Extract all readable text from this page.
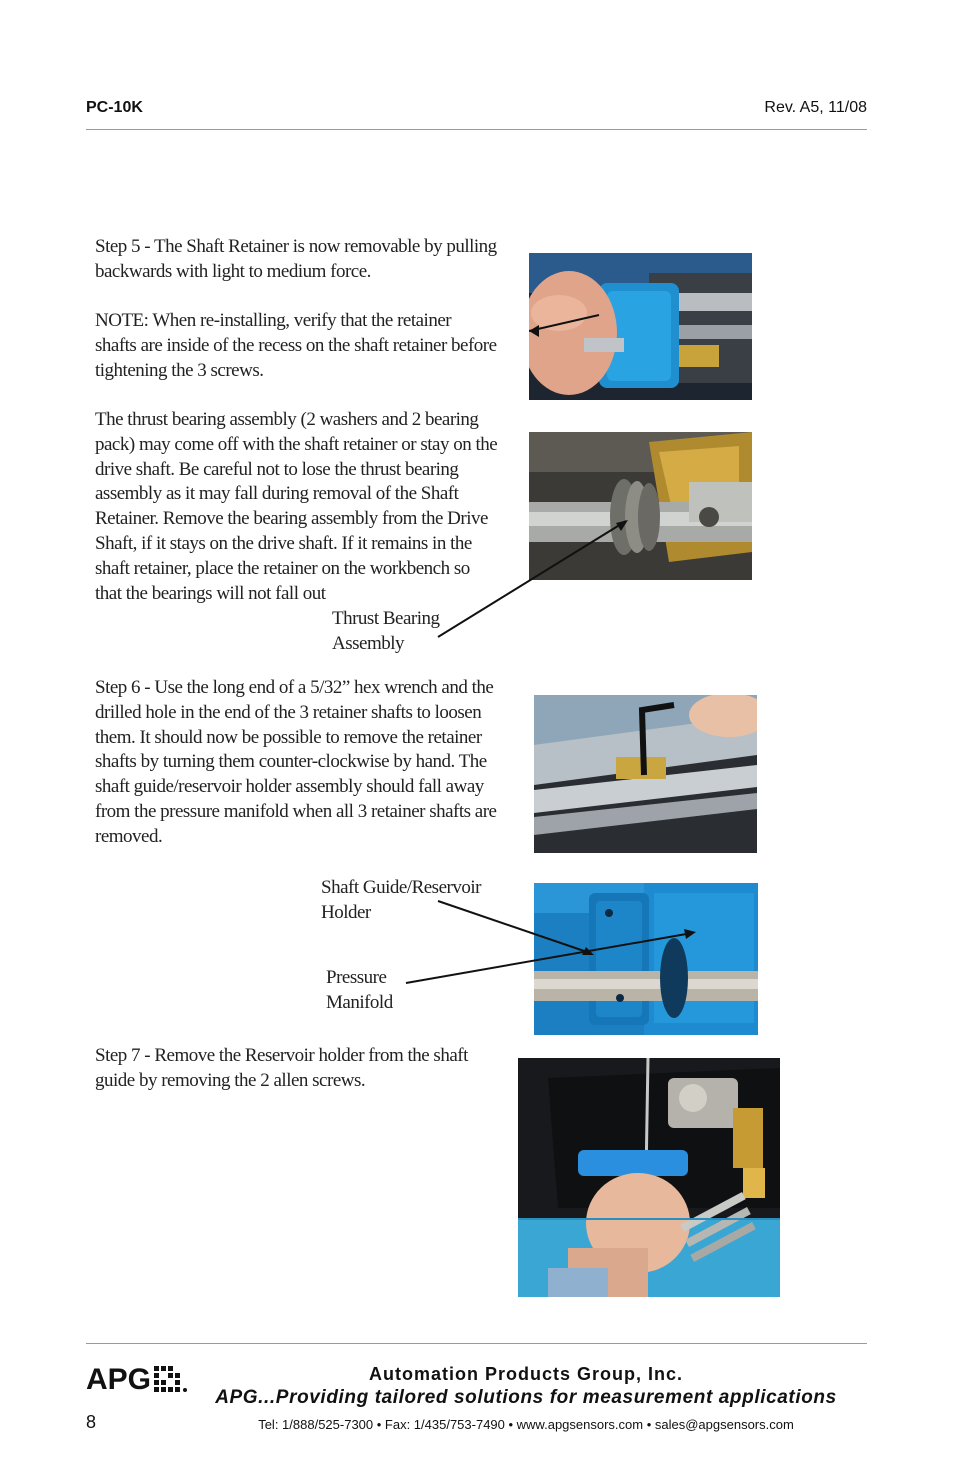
PC-10K	Rev. A5, 11/08

Step 5 - The Shaft Retainer is now removable by pulling
backwards with light to medium force.

NOTE: When re-installing, verify that the retainer
shafts are inside of the recess on the shaft retainer before
tightening the 3 screws.

The thrust bearing assembly (2 washers and 2 bearing
pack) may come off with the shaft retainer or stay on the
drive shaft. Be careful not to lose the thrust bearing
assembly as it may fall during removal of the Shaft
Retainer. Remove the bearing assembly from the Drive
Shaft, if it stays on the drive shaft. If it remains in the
shaft retainer, place the retainer on the workbench so
that the bearings will not fall out

Thrust Bearing
Assembly

Step 6 - Use the long end of a 5/32” hex wrench and the
drilled hole in the end of the 3 retainer shafts to loosen
them. It should now be possible to remove the retainer
shafts by turning them counter-clockwise by hand. The
shaft guide/reservoir holder assembly should fall away
from the pressure manifold when all 3 retainer shafts are
removed.

Shaft Guide/Reservoir
Holder
Pressure
Manifold

Step 7 - Remove the Reservoir holder from the shaft
guide by removing the 2 allen screws.

APG	Automation Products Group, Inc.
APG...Providing tailored solutions for measurement applications
Tel: 1/888/525-7300 • Fax: 1/435/753-7490 • www.apgsensors.com • sales@apgsensors.com
8
